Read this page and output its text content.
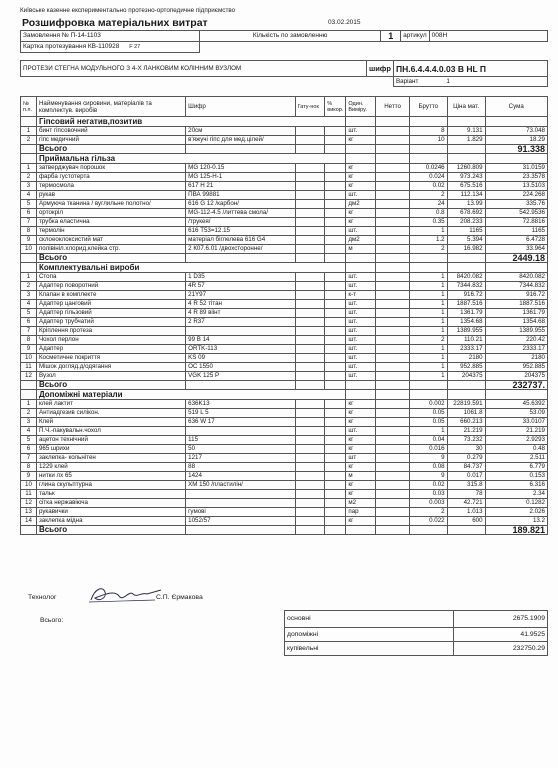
Київське казенне експериментально протезно-ортопедичне підприємство
Розшифровка матеріальних витрат	03.02.2015
Замовлення № П-14-1103	Кількість по замовленню	1	артикул	008Н
Картка протезування КВ-110928 F 27				
ПРОТЕЗИ СТЕГНА МОДУЛЬНОГО З 4-Х ЛАНКОВИМ КОЛІННИМ ВУЗЛОМ	шифр	ПН.6.4.4.4.0.03 В НL П
		Варіант 1
№ п.п.	Найменування сировини, матеріалів та комплектув. виробів	Шифр	Гату-нок	% викор.	Один. Виміру.	Нетто	Брутто	Ціна мат.	Сума
	Гіпсовий негатив,позитив								
1	бинт гіпсовочний	20см			шт.		8	9.131	73.048
2	гіпс медичний	в'яжучі гіпс для мед.цілей/			кг		10	1.829	18.29
	Всього								91.338
	Приймальна гільза								
1	затверджувач порошок	MG 120-0.15			кг		0.0246	1260.809	31.0159
2	фарба густотерта	MG 125-Н-1			кг		0.024	973.243	23.3578
3	термосмола	617 Н 21			кг		0.02	675.516	13.5103
4	рукав	ПВА 99881			шт.		2	112.134	224.268
5	Армуюча тканина / вуглильне полотно/	616 G 12 /карбон/			дм2		24	13.99	335.76
6	ортокріл	MG-112-4.5 /литтева смола/			кг		0.8	678.692	542.9536
7	трубка еластична	/трукея/			кг		0.35	208.233	72.8816
8	термолін	616 Т53=12.15			шт.		1	1165	1165
9	склоеоклоксистий мат	матеріал біглелева 616 G4			дм2		1.2	5.394	6.4728
10	полівініл.хлорид,клейка стр.	2 К07.6.01 /двохсторонне/			м		2	16.982	33.964
	Всього								2449.18
	Комплектувальні вироби								
1	Стопа	1 D35			шт.		1	8420.082	8420.082
2	Адаптер поворотний	4R 57			шт.		1	7344.832	7344.832
3	Клапан в комплекте	21Y97			к-т		1	916.72	916.72
4	Адаптер цанговий	4 R 52 тітан			шт.		1	1887.516	1887.516
5	Адаптер гільзовий	4 R 89 віінт			шт.		1	1361.79	1361.79
6	Адаптер трубчатий	2 R37			шт.		1	1354.68	1354.68
7	Кріплення протеза				шт.		1	1389.955	1389.955
8	Чохол перлон	99 В 14			шт.		2	110.21	220.42
9	Адаптер	ORTK-113			шт.		1	2333.17	2333.17
10	Косметичне покриття	KS 09			шт.		1	2180	2180
11	Мішок догляд.д/одягання	ОС 1550			шт.		1	952.885	952.885
12	Вузол	VGK 125 P			шт.		1	204375	204375
	Всього								232737.
	Допоміжні матеріали								
1	клей лактит	636K13			кг		0.002	22819.591	45.6392
2	Антиадгезив силікон.	519 L 5			кг		0.05	1061.8	53.09
3	Клей	636 W 17			кг		0.05	660.213	33.0107
4	П.Ч.-пакувальн.чохол				шт.		1	21.219	21.219
5	ацетон технічний	115			кг		0.04	73.232	2.9293
6	965 шрихи	50			кг		0.016	30	0.48
7	заклепка- кольнітен	1217			шт		9	0.279	2.511
8	1229 клей	88			кг		0.08	84.737	6.779
9	нитки лх 65	1424			м		9	0.017	0.153
10	глина скульптурна	ХМ 150 /пластилін/			кг		0.02	315.8	6.316
11	тальк				кг		0.03	78	2.34
12	сітка нержавіюча				м2		0.003	42.721	0.1282
13	рукавички	гумові			пар		2	1.013	2.026
14	заклепка мідна	1052/57			кг		0.022	600	13.2
	Всього								189.821
Технолог	С.П. Єрмакова
Всього:	основні	2675.1909
допоміжні	41.9525
купівельні	232750.29
